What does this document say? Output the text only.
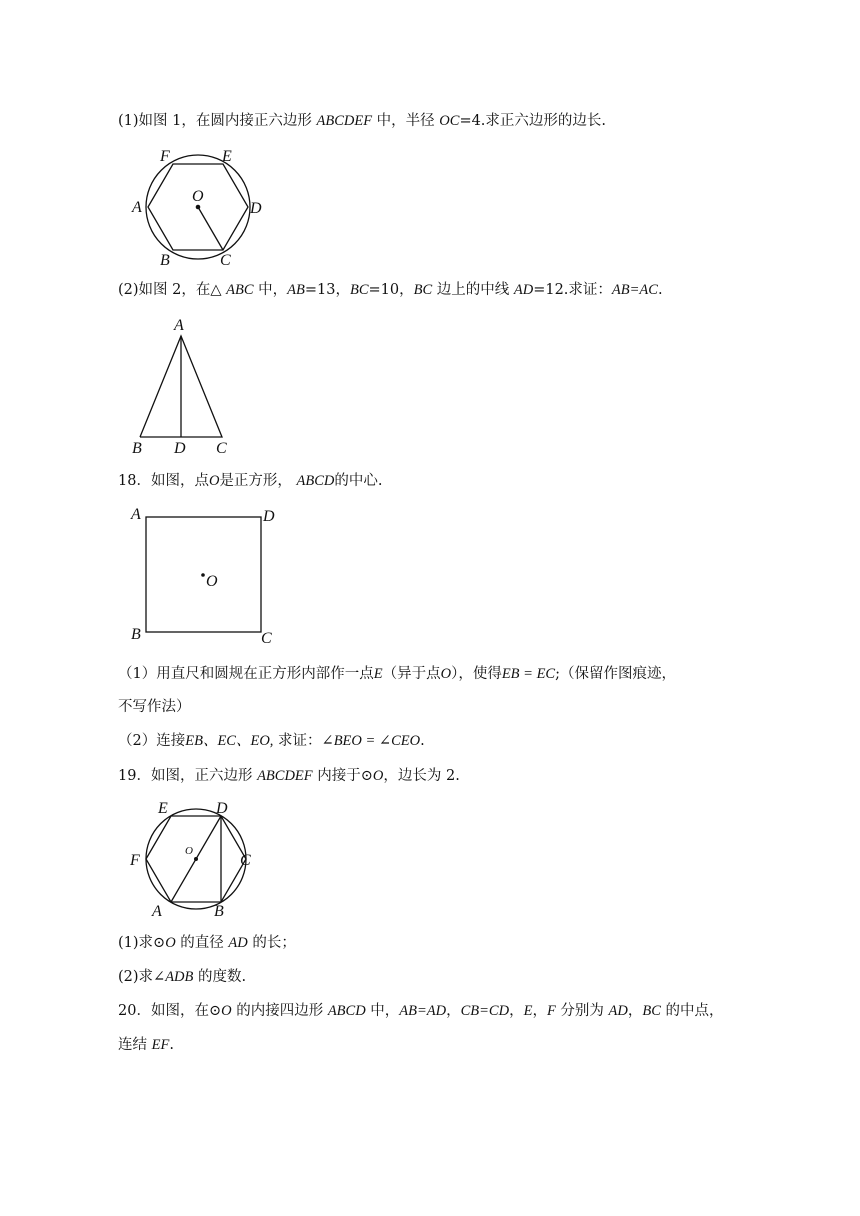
(1)如图 1，在圆内接正六边形 ABCDEF 中，半径 OC=4.求正六边形的边长.
F	E
A	D
O
B	C
(2)如图 2，在△ ABC 中，AB=13，BC=10，BC 边上的中线 AD=12.求证：AB=AC.
A
B D C
18．如图，点O是正方形， ABCD的中心.
A	D
O
B	C
（1）用直尺和圆规在正方形内部作一点E（异于点O），使得EB = EC;（保留作图痕迹，
不写作法）
（2）连接EB、EC、EO, 求证：∠BEO = ∠CEO.
19．如图，正六边形 ABCDEF 内接于⊙O，边长为 2.
E	D
F
O
C
A	B
(1)求⊙O 的直径 AD 的长；
(2)求∠ADB 的度数.
20．如图，在⊙O 的内接四边形 ABCD 中，AB=AD，CB=CD，E，F 分别为 AD，BC 的中点，
连结 EF.
